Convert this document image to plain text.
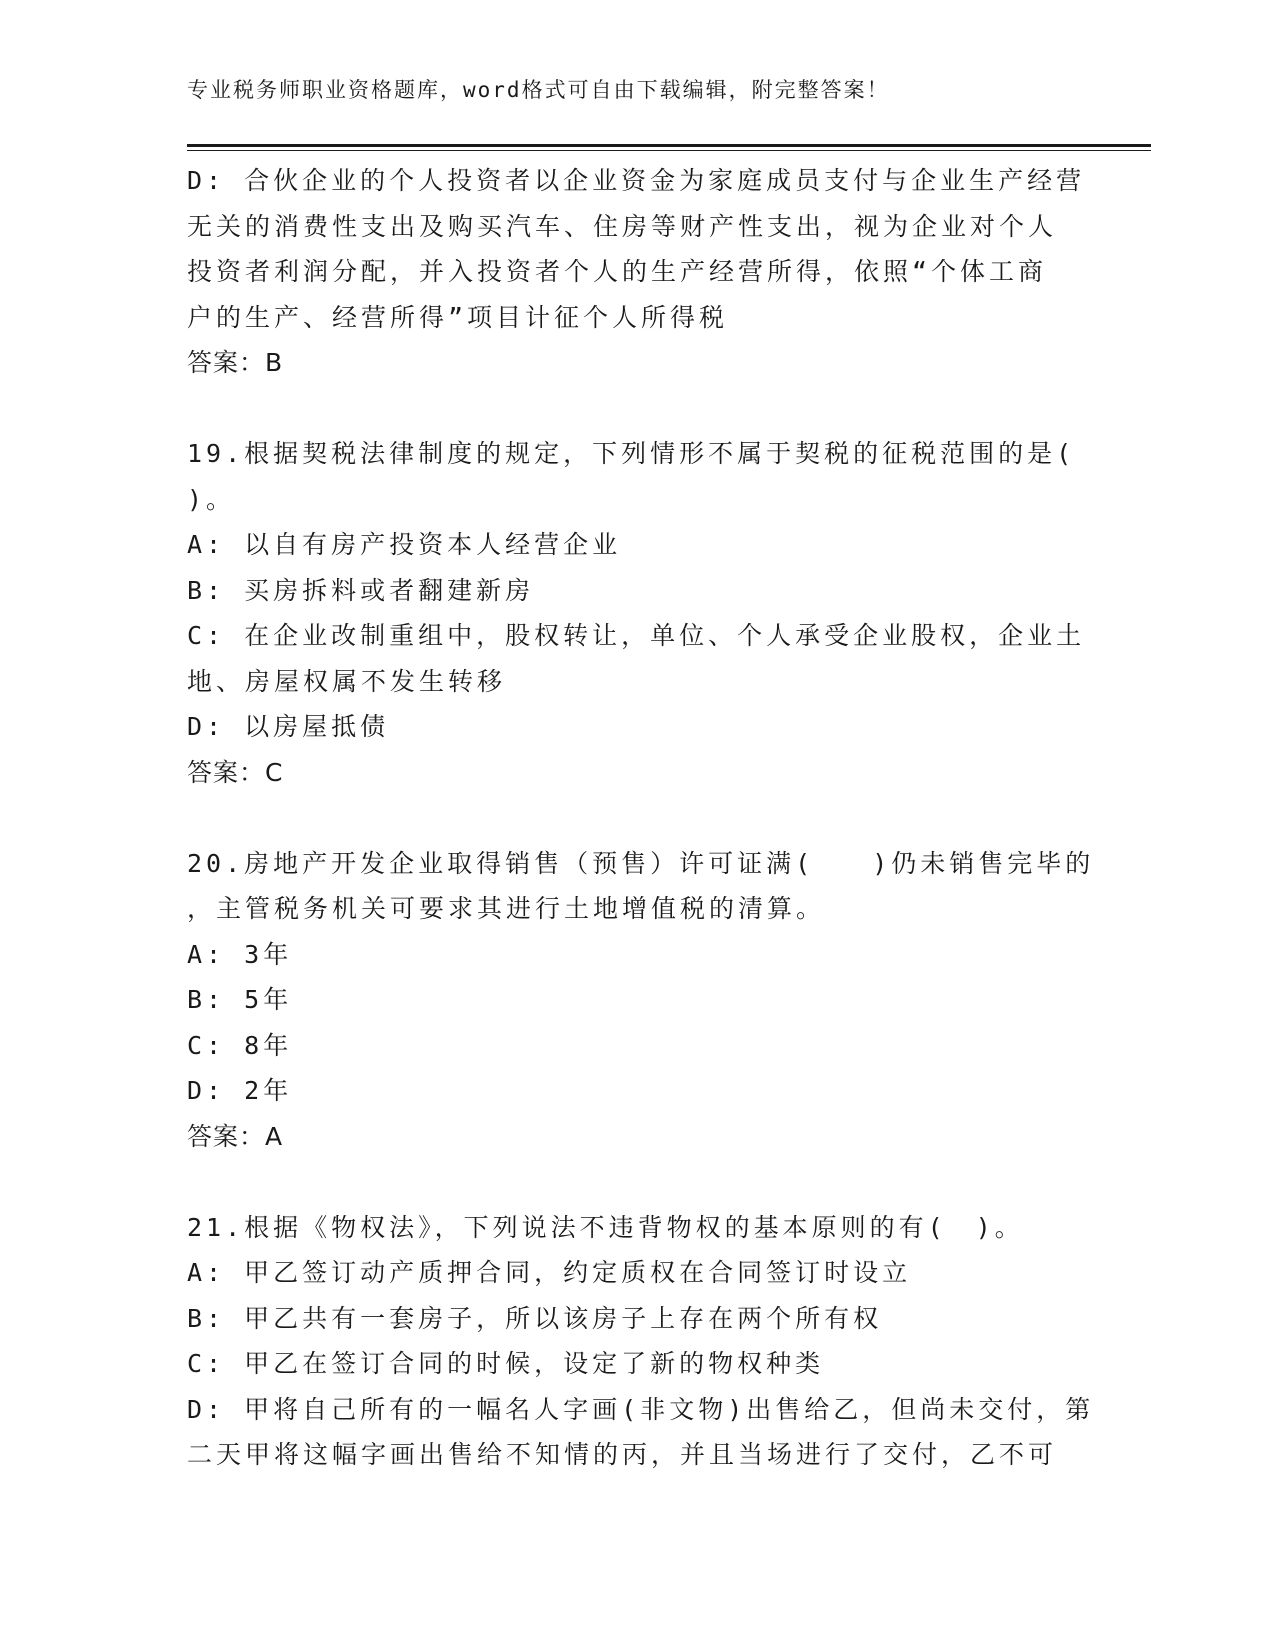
专业税务师职业资格题库，word格式可自由下载编辑，附完整答案！
D: 合伙企业的个人投资者以企业资金为家庭成员支付与企业生产经营
无关的消费性支出及购买汽车、住房等财产性支出，视为企业对个人
投资者利润分配，并入投资者个人的生产经营所得，依照“个体工商
户的生产、经营所得”项目计征个人所得税
答案：B
19.根据契税法律制度的规定，下列情形不属于契税的征税范围的是(
)。
A: 以自有房产投资本人经营企业
B: 买房拆料或者翻建新房
C: 在企业改制重组中，股权转让，单位、个人承受企业股权，企业土
地、房屋权属不发生转移
D: 以房屋抵债
答案：C
20.房地产开发企业取得销售（预售）许可证满(　　)仍未销售完毕的
，主管税务机关可要求其进行土地增值税的清算。
A: 3年
B: 5年
C: 8年
D: 2年
答案：A
21.根据《物权法》，下列说法不违背物权的基本原则的有(　)。
A: 甲乙签订动产质押合同，约定质权在合同签订时设立
B: 甲乙共有一套房子，所以该房子上存在两个所有权
C: 甲乙在签订合同的时候，设定了新的物权种类
D: 甲将自己所有的一幅名人字画(非文物)出售给乙，但尚未交付，第
二天甲将这幅字画出售给不知情的丙，并且当场进行了交付，乙不可
